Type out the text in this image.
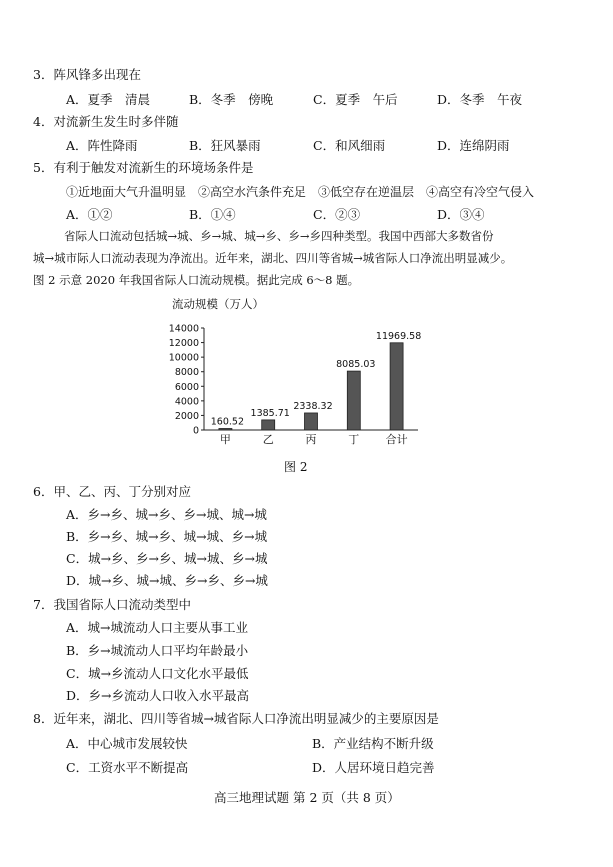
3．阵风锋多出现在
A．夏季　清晨	B．冬季　傍晚	C．夏季　午后	D．冬季　午夜
4．对流新生发生时多伴随
A．阵性降雨	B．狂风暴雨	C．和风细雨	D．连绵阴雨
5．有利于触发对流新生的环境场条件是
①近地面大气升温明显　②高空水汽条件充足　③低空存在逆温层　④高空有冷空气侵入
A．①②	B．①④	C．②③	D．③④
省际人口流动包括城→城、乡→城、城→乡、乡→乡四种类型。我国中西部大多数省份
城→城市际人口流动表现为净流出。近年来，湖北、四川等省城→城省际人口净流出明显减少。
图 2 示意 2020 年我国省际人口流动规模。据此完成 6～8 题。
流动规模（万人）
0
2000
4000
6000
8000
10000
12000
14000
160.52
甲
1385.71
乙
2338.32
丙
8085.03
丁
11969.58
合计
图 2
6．甲、乙、丙、丁分别对应
A．乡→乡、城→乡、乡→城、城→城
B．乡→乡、城→乡、城→城、乡→城
C．城→乡、乡→乡、城→城、乡→城
D．城→乡、城→城、乡→乡、乡→城
7．我国省际人口流动类型中
A．城→城流动人口主要从事工业
B．乡→城流动人口平均年龄最小
C．城→乡流动人口文化水平最低
D．乡→乡流动人口收入水平最高
8．近年来，湖北、四川等省城→城省际人口净流出明显减少的主要原因是
A．中心城市发展较快	B．产业结构不断升级
C．工资水平不断提高	D．人居环境日趋完善
高三地理试题 第 2 页（共 8 页）
